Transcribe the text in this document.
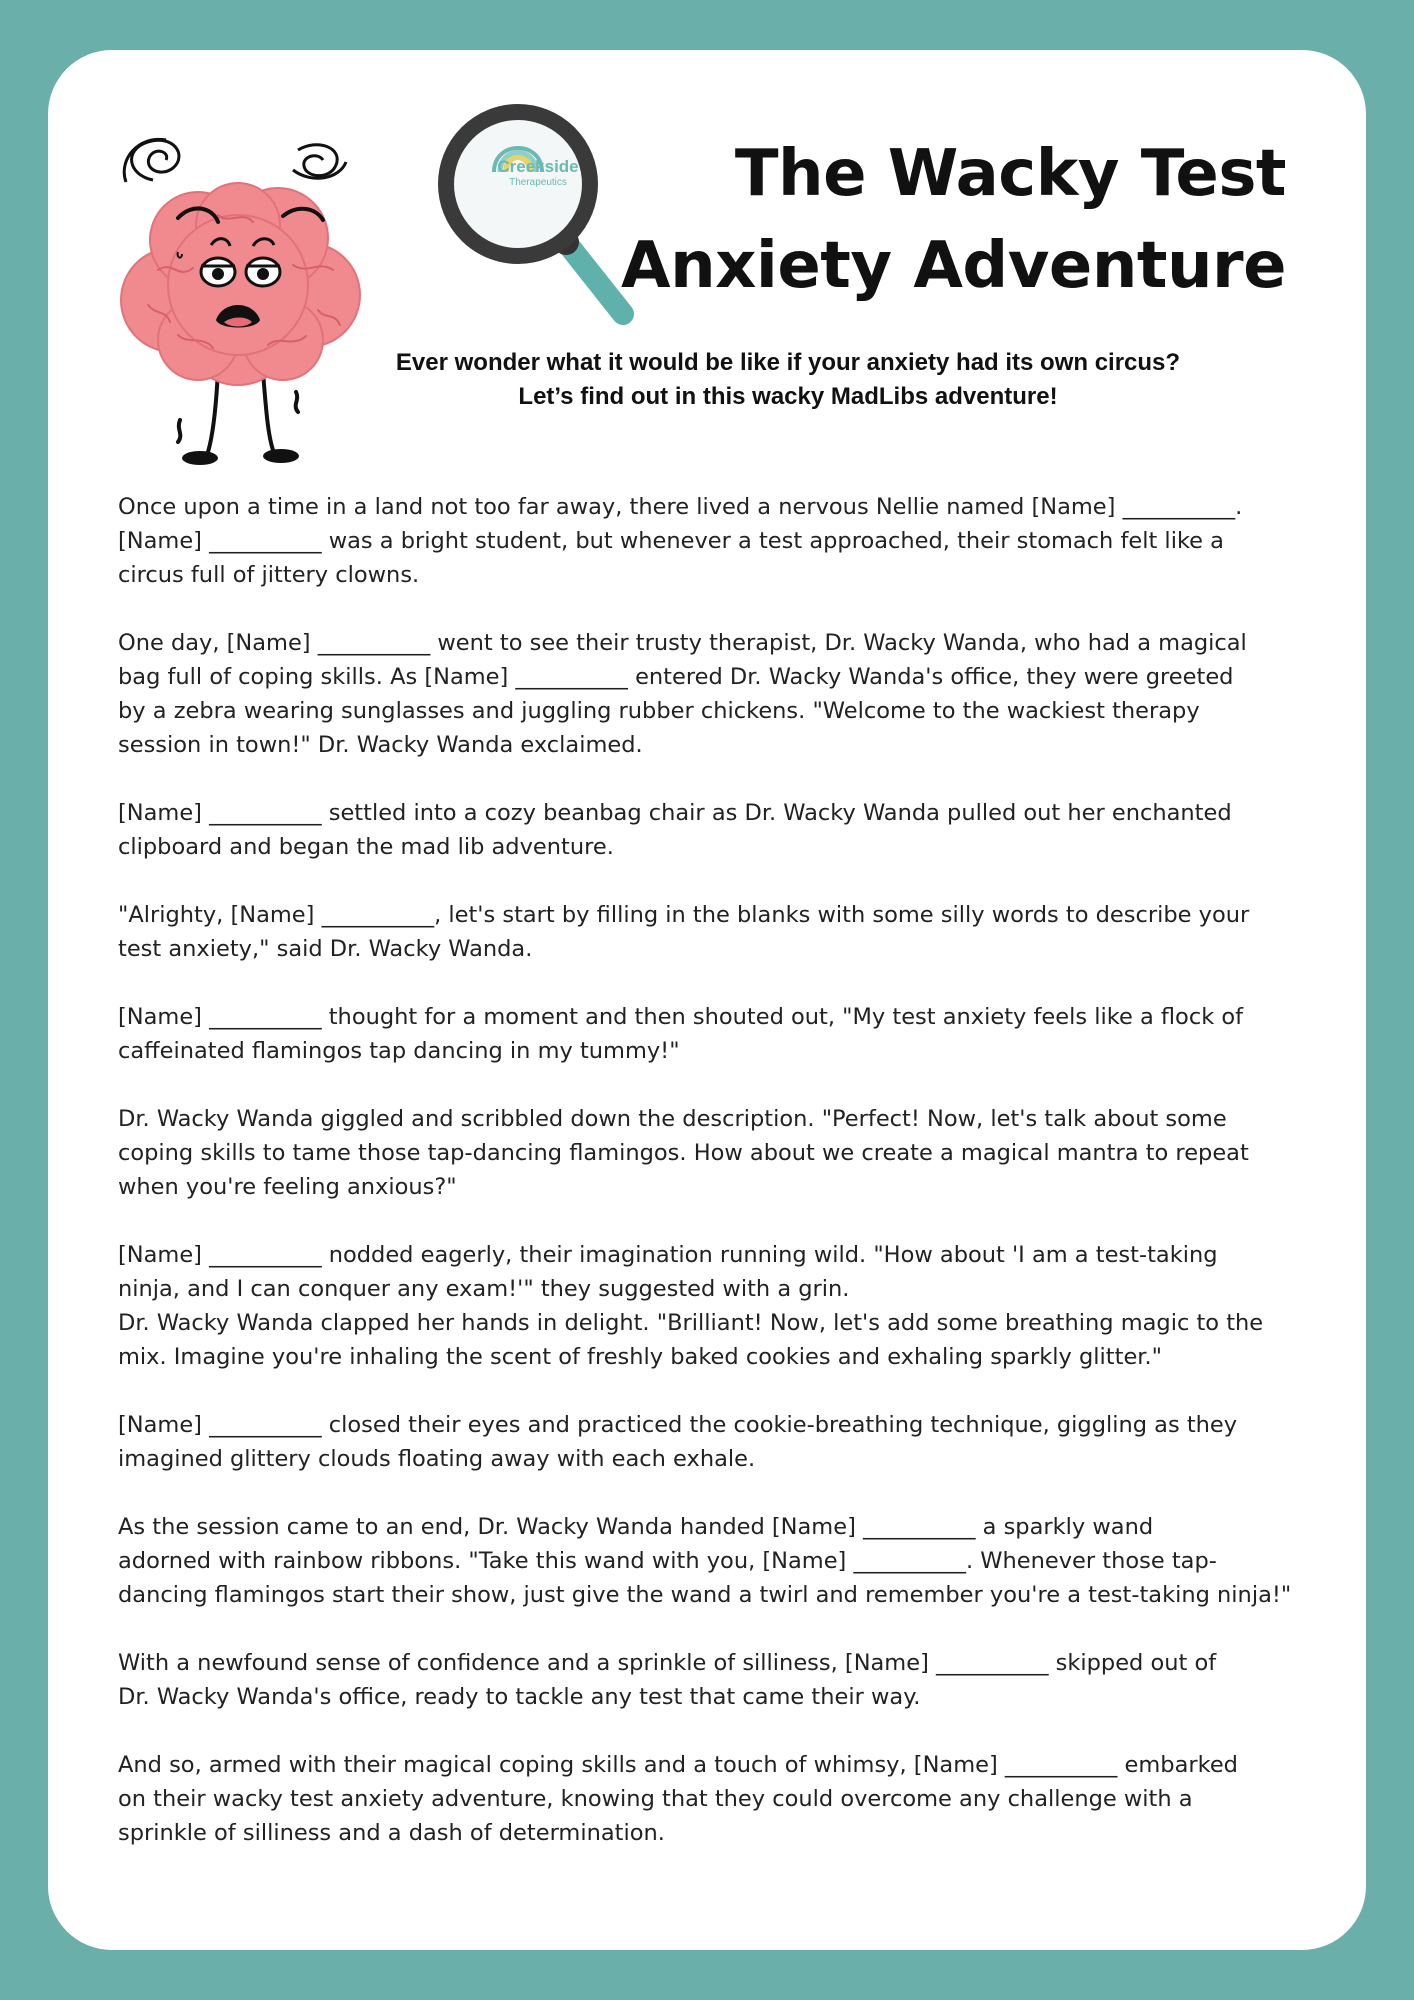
Creekside
Therapeutics	The Wacky Test
Anxiety Adventure
Ever wonder what it would be like if your anxiety had its own circus?
Let’s find out in this wacky MadLibs adventure!

Once upon a time in a land not too far away, there lived a nervous Nellie named [Name] __________.
[Name] __________ was a bright student, but whenever a test approached, their stomach felt like a
circus full of jittery clowns.

One day, [Name] __________ went to see their trusty therapist, Dr. Wacky Wanda, who had a magical
bag full of coping skills. As [Name] __________ entered Dr. Wacky Wanda's office, they were greeted
by a zebra wearing sunglasses and juggling rubber chickens. "Welcome to the wackiest therapy
session in town!" Dr. Wacky Wanda exclaimed.

[Name] __________ settled into a cozy beanbag chair as Dr. Wacky Wanda pulled out her enchanted
clipboard and began the mad lib adventure.

"Alrighty, [Name] __________, let's start by filling in the blanks with some silly words to describe your
test anxiety," said Dr. Wacky Wanda.

[Name] __________ thought for a moment and then shouted out, "My test anxiety feels like a flock of
caffeinated flamingos tap dancing in my tummy!"

Dr. Wacky Wanda giggled and scribbled down the description. "Perfect! Now, let's talk about some
coping skills to tame those tap-dancing flamingos. How about we create a magical mantra to repeat
when you're feeling anxious?"

[Name] __________ nodded eagerly, their imagination running wild. "How about 'I am a test-taking
ninja, and I can conquer any exam!'" they suggested with a grin.
Dr. Wacky Wanda clapped her hands in delight. "Brilliant! Now, let's add some breathing magic to the
mix. Imagine you're inhaling the scent of freshly baked cookies and exhaling sparkly glitter."

[Name] __________ closed their eyes and practiced the cookie-breathing technique, giggling as they
imagined glittery clouds floating away with each exhale.

As the session came to an end, Dr. Wacky Wanda handed [Name] __________ a sparkly wand
adorned with rainbow ribbons. "Take this wand with you, [Name] __________. Whenever those tap-
dancing flamingos start their show, just give the wand a twirl and remember you're a test-taking ninja!"

With a newfound sense of confidence and a sprinkle of silliness, [Name] __________ skipped out of
Dr. Wacky Wanda's office, ready to tackle any test that came their way.

And so, armed with their magical coping skills and a touch of whimsy, [Name] __________ embarked
on their wacky test anxiety adventure, knowing that they could overcome any challenge with a
sprinkle of silliness and a dash of determination.
